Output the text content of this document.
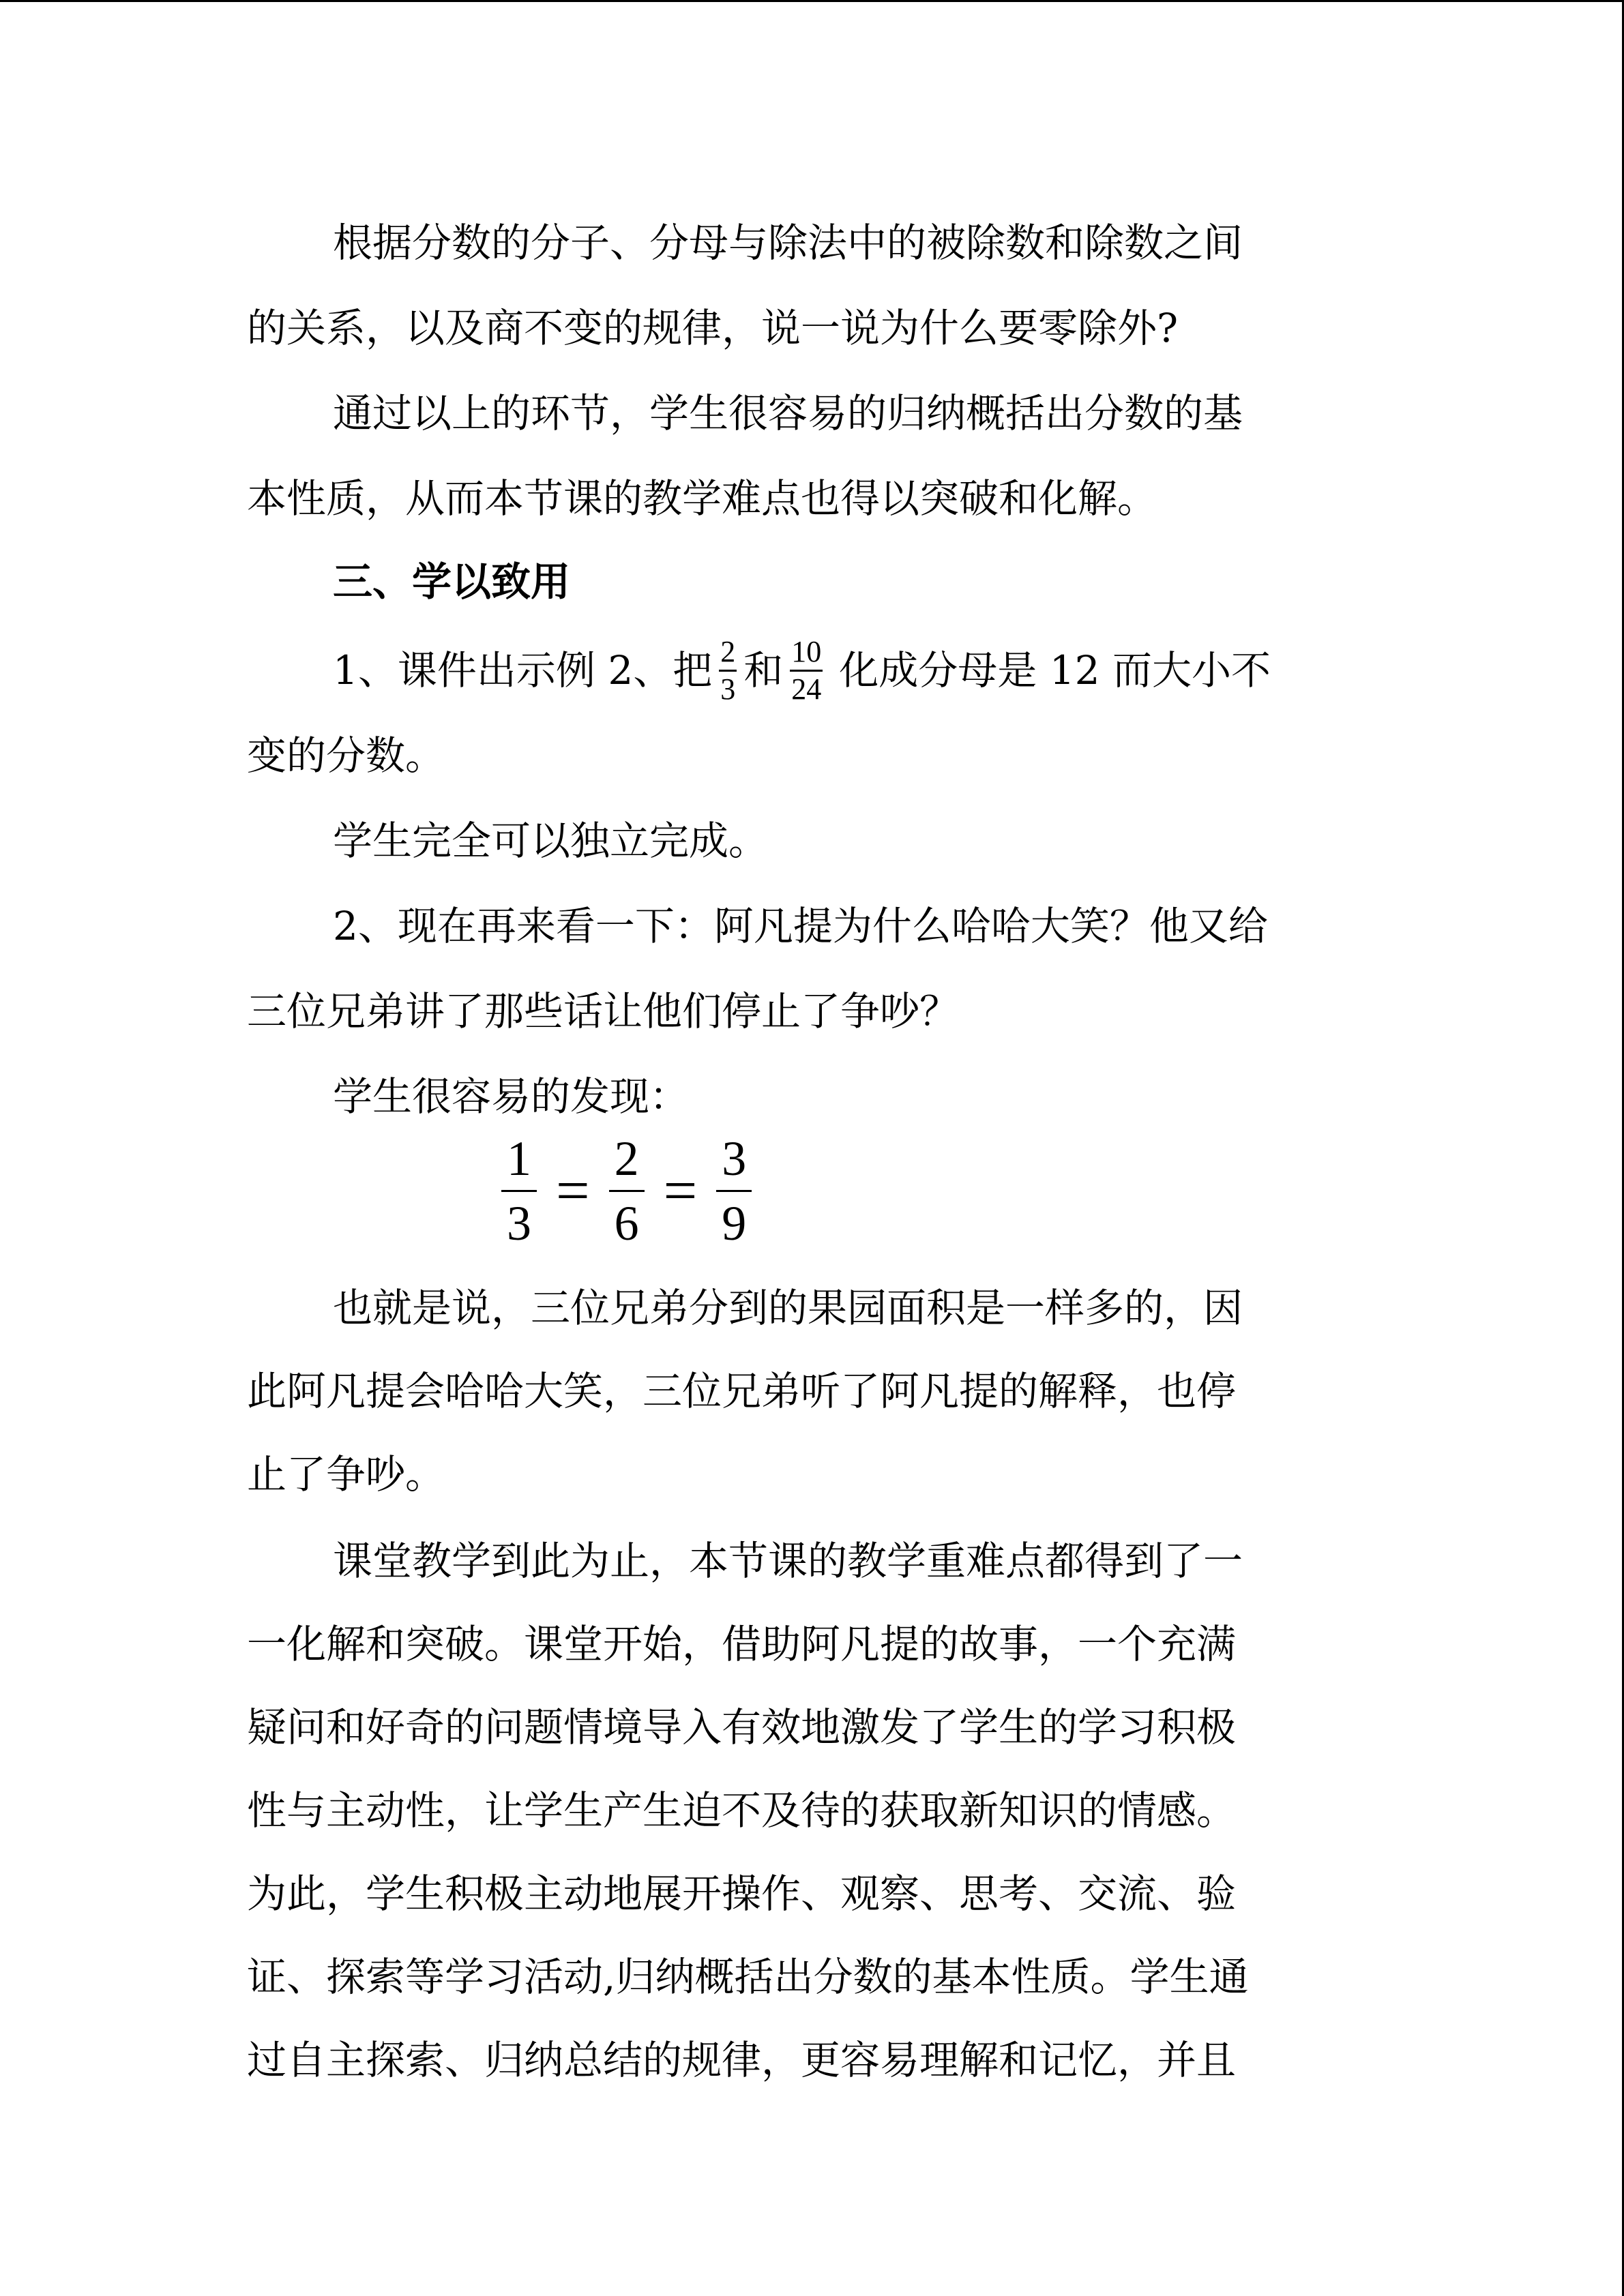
根据分数的分子、分母与除法中的被除数和除数之间
的关系，以及商不变的规律，说一说为什么要零除外?
通过以上的环节，学生很容易的归纳概括出分数的基
本性质，从而本节课的教学难点也得以突破和化解。
三、学以致用
1、课件出示例 2、把 $\frac{2}{3}$ 和 $\frac{10}{24}$ 化成分母是 12 而大小不
变的分数。
学生完全可以独立完成。
2、现在再来看一下：阿凡提为什么哈哈大笑？他又给
三位兄弟讲了那些话让他们停止了争吵？
学生很容易的发现：
$\frac{1}{3} = \frac{2}{6} = \frac{3}{9}$
也就是说，三位兄弟分到的果园面积是一样多的，因
此阿凡提会哈哈大笑，三位兄弟听了阿凡提的解释，也停
止了争吵。
课堂教学到此为止，本节课的教学重难点都得到了一
一化解和突破。课堂开始，借助阿凡提的故事，一个充满
疑问和好奇的问题情境导入有效地激发了学生的学习积极
性与主动性，让学生产生迫不及待的获取新知识的情感。
为此，学生积极主动地展开操作、观察、思考、交流、验
证、探索等学习活动,归纳概括出分数的基本性质。学生通
过自主探索、归纳总结的规律，更容易理解和记忆，并且
